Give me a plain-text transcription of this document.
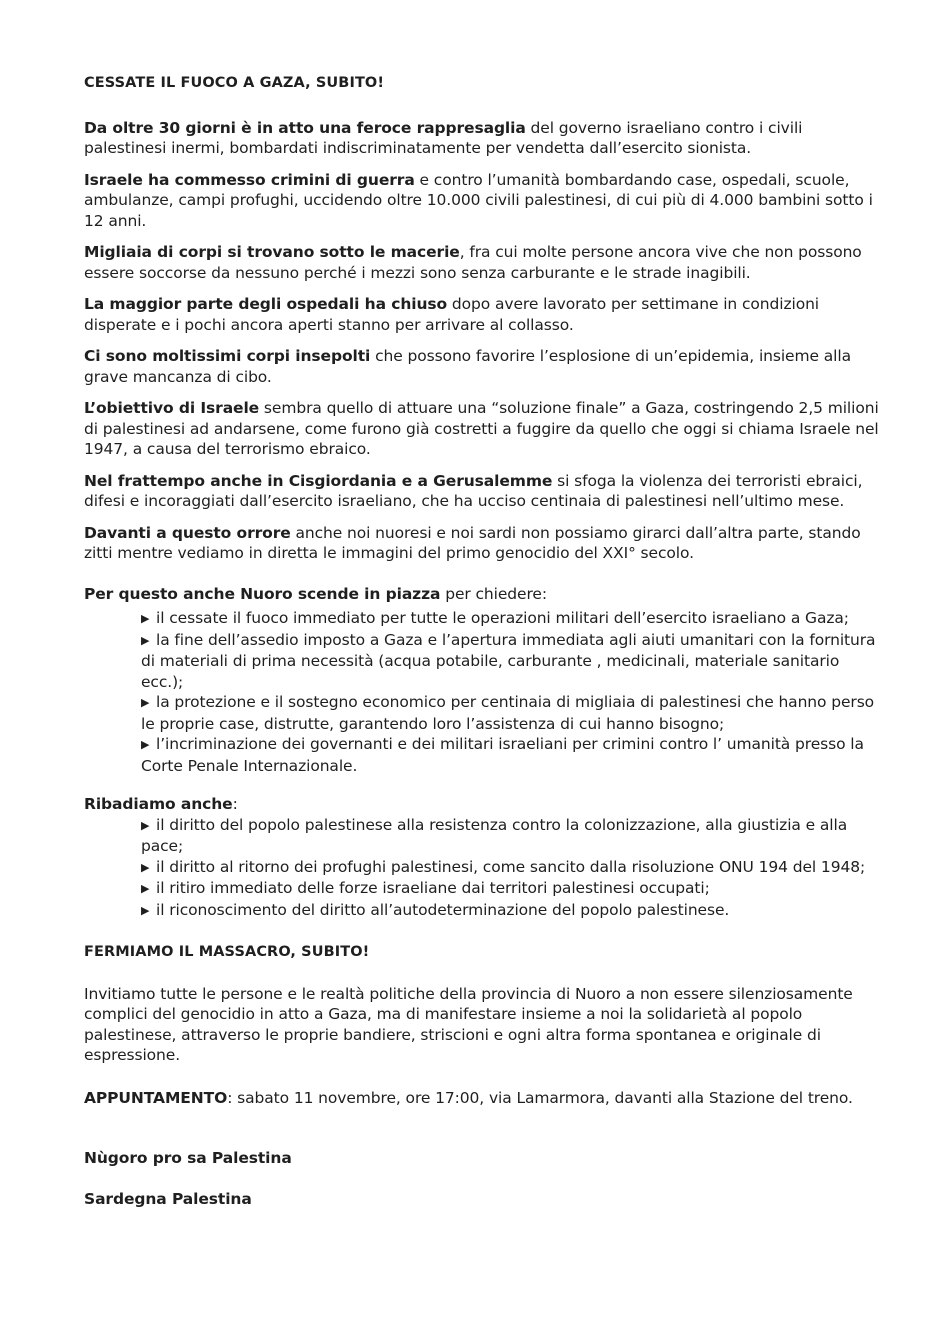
CESSATE IL FUOCO A GAZA, SUBITO!

Da oltre 30 giorni è in atto una feroce rappresaglia del governo israeliano contro i civili palestinesi inermi, bombardati indiscriminatamente per vendetta dall’esercito sionista.

Israele ha commesso crimini di guerra e contro l’umanità bombardando case, ospedali, scuole, ambulanze, campi profughi, uccidendo oltre 10.000 civili palestinesi, di cui più di 4.000 bambini sotto i 12 anni.

Migliaia di corpi si trovano sotto le macerie, fra cui molte persone ancora vive che non possono essere soccorse da nessuno perché i mezzi sono senza carburante e le strade inagibili.

La maggior parte degli ospedali ha chiuso dopo avere lavorato per settimane in condizioni disperate e i pochi ancora aperti stanno per arrivare al collasso.

Ci sono moltissimi corpi insepolti che possono favorire l’esplosione di un’epidemia, insieme alla grave mancanza di cibo.

L’obiettivo di Israele sembra quello di attuare una “soluzione finale” a Gaza, costringendo 2,5 milioni di palestinesi ad andarsene, come furono già costretti a fuggire da quello che oggi si chiama Israele nel 1947, a causa del terrorismo ebraico.

Nel frattempo anche in Cisgiordania e a Gerusalemme si sfoga la violenza dei terroristi ebraici, difesi e incoraggiati dall’esercito israeliano, che ha ucciso centinaia di palestinesi nell’ultimo mese.

Davanti a questo orrore anche noi nuoresi e noi sardi non possiamo girarci dall’altra parte, stando zitti mentre vediamo in diretta le immagini del primo genocidio del XXI° secolo.

Per questo anche Nuoro scende in piazza per chiedere:

▶ il cessate il fuoco immediato per tutte le operazioni militari dell’esercito israeliano a Gaza;
▶ la fine dell’assedio imposto a Gaza e l’apertura immediata agli aiuti umanitari con la fornitura di materiali di prima necessità (acqua potabile, carburante , medicinali, materiale sanitario ecc.);
▶ la protezione e il sostegno economico per centinaia di migliaia di palestinesi che hanno perso le proprie case, distrutte, garantendo loro l’assistenza di cui hanno bisogno;
▶ l’incriminazione dei governanti e dei militari israeliani per crimini contro l’ umanità presso la Corte Penale Internazionale.

Ribadiamo anche:

▶ il diritto del popolo palestinese alla resistenza contro la colonizzazione, alla giustizia e alla pace;
▶ il diritto al ritorno dei profughi palestinesi, come sancito dalla risoluzione ONU 194 del 1948;
▶ il ritiro immediato delle forze israeliane dai territori palestinesi occupati;
▶ il riconoscimento del diritto all’autodeterminazione del popolo palestinese.
FERMIAMO IL MASSACRO, SUBITO!

Invitiamo tutte le persone e le realtà politiche della provincia di Nuoro a non essere silenziosamente complici del genocidio in atto a Gaza, ma di manifestare insieme a noi la solidarietà al popolo palestinese, attraverso le proprie bandiere, striscioni e ogni altra forma spontanea e originale di espressione.

APPUNTAMENTO: sabato 11 novembre, ore 17:00, via Lamarmora, davanti alla Stazione del treno.

Nùgoro pro sa Palestina

Sardegna Palestina
